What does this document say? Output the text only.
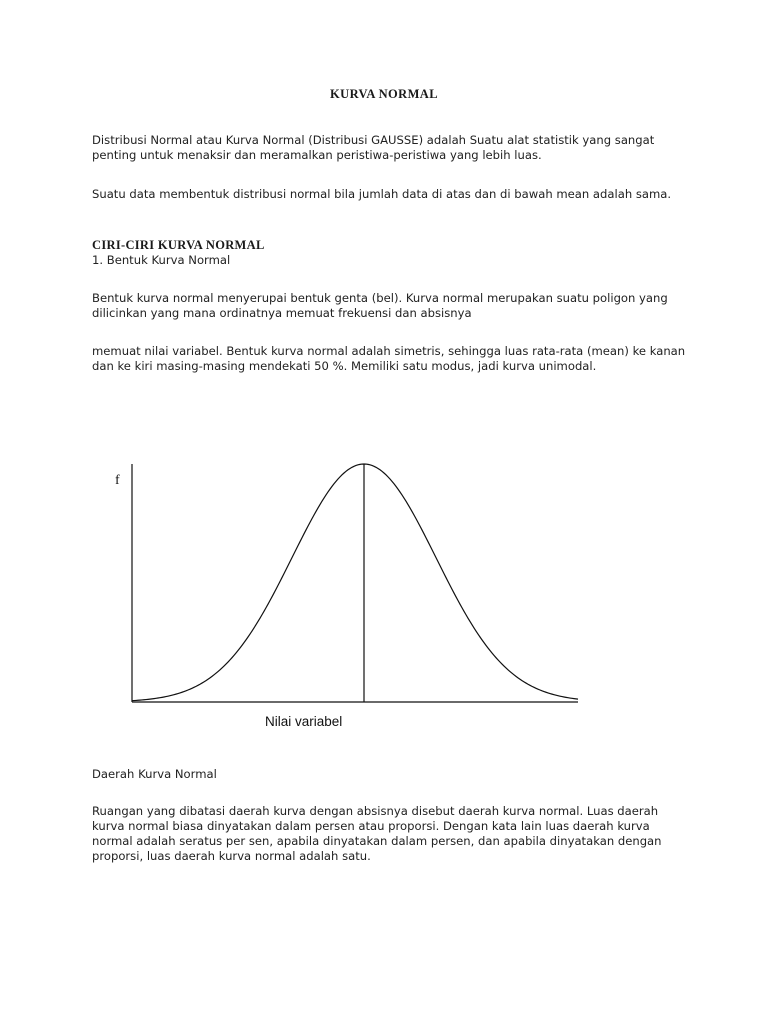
KURVA NORMAL
Distribusi Normal atau Kurva Normal (Distribusi GAUSSE) adalah Suatu alat statistik yang sangat penting untuk menaksir dan meramalkan peristiwa-peristiwa yang lebih luas.
Suatu data membentuk distribusi normal bila jumlah data di atas dan di bawah mean adalah sama.
CIRI-CIRI KURVA NORMAL
1. Bentuk Kurva Normal
Bentuk kurva normal menyerupai bentuk genta (bel). Kurva normal merupakan suatu poligon yang dilicinkan yang mana ordinatnya memuat frekuensi dan absisnya
memuat nilai variabel. Bentuk kurva normal adalah simetris, sehingga luas rata-rata (mean) ke kanan dan ke kiri masing-masing mendekati 50 %. Memiliki satu modus, jadi kurva unimodal.
f
Nilai variabel
Daerah Kurva Normal
Ruangan yang dibatasi daerah kurva dengan absisnya disebut daerah kurva normal. Luas daerah kurva normal biasa dinyatakan dalam persen atau proporsi. Dengan kata lain luas daerah kurva normal adalah seratus per sen, apabila dinyatakan dalam persen, dan apabila dinyatakan dengan proporsi, luas daerah kurva normal adalah satu.
